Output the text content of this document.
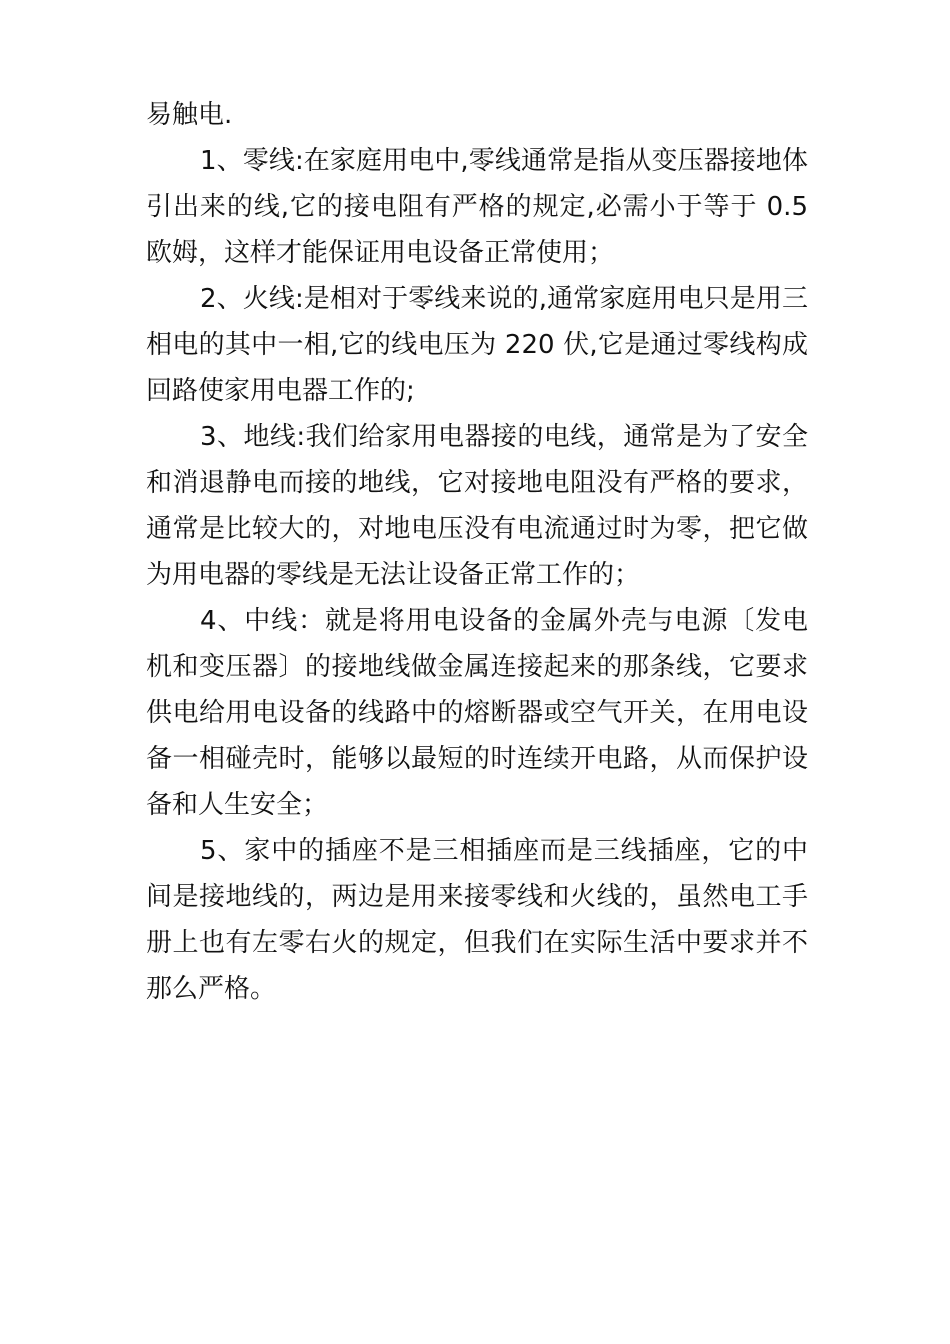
易触电.

1、零线:在家庭用电中,零线通常是指从变压器接地体引出来的线,它的接电阻有严格的规定,必需小于等于 0.5 欧姆，这样才能保证用电设备正常使用；

2、火线:是相对于零线来说的,通常家庭用电只是用三相电的其中一相,它的线电压为 220 伏,它是通过零线构成回路使家用电器工作的;

3、地线:我们给家用电器接的电线，通常是为了安全和消退静电而接的地线，它对接地电阻没有严格的要求，通常是比较大的，对地电压没有电流通过时为零，把它做为用电器的零线是无法让设备正常工作的；

4、中线：就是将用电设备的金属外壳与电源〔发电机和变压器〕的接地线做金属连接起来的那条线，它要求供电给用电设备的线路中的熔断器或空气开关，在用电设备一相碰壳时，能够以最短的时连续开电路，从而保护设备和人生安全；

5、家中的插座不是三相插座而是三线插座，它的中间是接地线的，两边是用来接零线和火线的，虽然电工手册上也有左零右火的规定，但我们在实际生活中要求并不那么严格。
